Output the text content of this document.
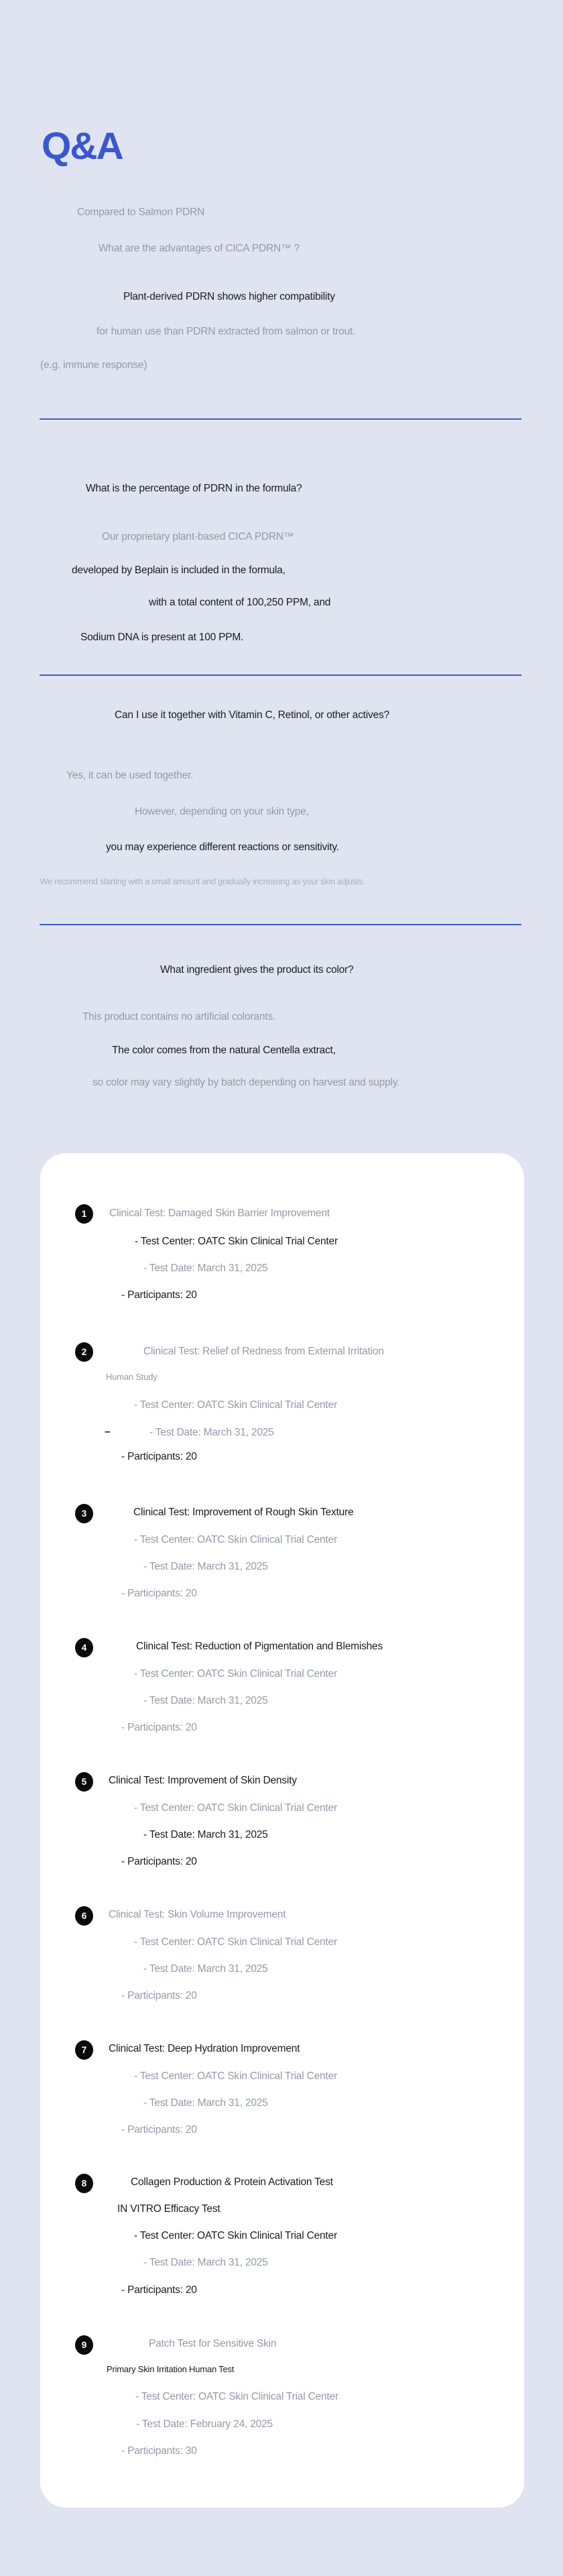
Q&A
Compared to Salmon PDRN
What are the advantages of CICA PDRN™ ?
Plant-derived PDRN shows higher compatibility
for human use than PDRN extracted from salmon or trout.
(e.g. immune response)
What is the percentage of PDRN in the formula?
Our proprietary plant-based CICA PDRN™
developed by Beplain is included in the formula,
with a total content of 100,250 PPM, and
Sodium DNA is present at 100 PPM.
Can I use it together with Vitamin C, Retinol, or other actives?
Yes, it can be used together.
However, depending on your skin type,
you may experience different reactions or sensitivity.
We recommend starting with a small amount and gradually increasing as your skin adjusts.
What ingredient gives the product its color?
This product contains no artificial colorants.
The color comes from the natural Centella extract,
so color may vary slightly by batch depending on harvest and supply.
1	Clinical Test: Damaged Skin Barrier Improvement
- Test Center: OATC Skin Clinical Trial Center
- Test Date: March 31, 2025
- Participants: 20
2	Clinical Test: Relief of Redness from External Irritation
Human Study
- Test Center: OATC Skin Clinical Trial Center
–	- Test Date: March 31, 2025
- Participants: 20
3	Clinical Test: Improvement of Rough Skin Texture
- Test Center: OATC Skin Clinical Trial Center
- Test Date: March 31, 2025
- Participants: 20
4	Clinical Test: Reduction of Pigmentation and Blemishes
- Test Center: OATC Skin Clinical Trial Center
- Test Date: March 31, 2025
- Participants: 20
5	Clinical Test: Improvement of Skin Density
- Test Center: OATC Skin Clinical Trial Center
- Test Date: March 31, 2025
- Participants: 20
6	Clinical Test: Skin Volume Improvement
- Test Center: OATC Skin Clinical Trial Center
- Test Date: March 31, 2025
- Participants: 20
7	Clinical Test: Deep Hydration Improvement
- Test Center: OATC Skin Clinical Trial Center
- Test Date: March 31, 2025
- Participants: 20
8	Collagen Production & Protein Activation Test
IN VITRO Efficacy Test
- Test Center: OATC Skin Clinical Trial Center
- Test Date: March 31, 2025
- Participants: 20
9	Patch Test for Sensitive Skin
Primary Skin Irritation Human Test
- Test Center: OATC Skin Clinical Trial Center
- Test Date: February 24, 2025
- Participants: 30
